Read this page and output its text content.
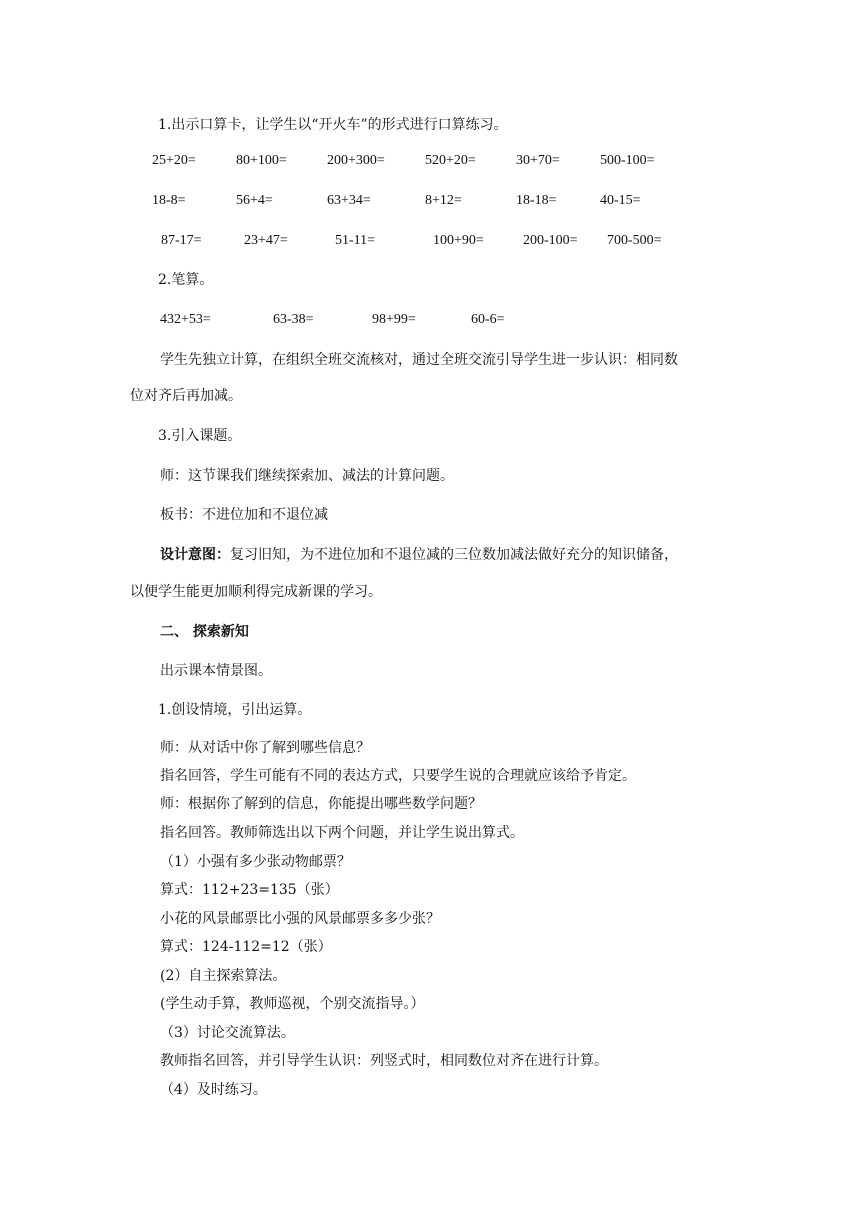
1.出示口算卡，让学生以“开火车”的形式进行口算练习。
25+20=	80+100=	200+300=	520+20=	30+70=	500-100=
18-8=	56+4=	63+34=	8+12=	18-18=	40-15=
87-17=	23+47=	51-11=	100+90=	200-100= 700-500=
2.笔算。
432+53=	63-38=	98+99=	60-6=
学生先独立计算，在组织全班交流核对，通过全班交流引导学生进一步认识：相同数
位对齐后再加减。
3.引入课题。
师：这节课我们继续探索加、减法的计算问题。
板书：不进位加和不退位减
设计意图：复习旧知，为不进位加和不退位减的三位数加减法做好充分的知识储备，
以便学生能更加顺利得完成新课的学习。
二、 探索新知
出示课本情景图。
1.创设情境，引出运算。
师：从对话中你了解到哪些信息？
指名回答，学生可能有不同的表达方式，只要学生说的合理就应该给予肯定。
师：根据你了解到的信息，你能提出哪些数学问题？
指名回答。教师筛选出以下两个问题，并让学生说出算式。
（1）小强有多少张动物邮票？
算式：112+23=135（张）
小花的风景邮票比小强的风景邮票多多少张？
算式：124-112=12（张）
(2）自主探索算法。
(学生动手算，教师巡视，个别交流指导。）
（3）讨论交流算法。
教师指名回答，并引导学生认识：列竖式时，相同数位对齐在进行计算。
（4）及时练习。
